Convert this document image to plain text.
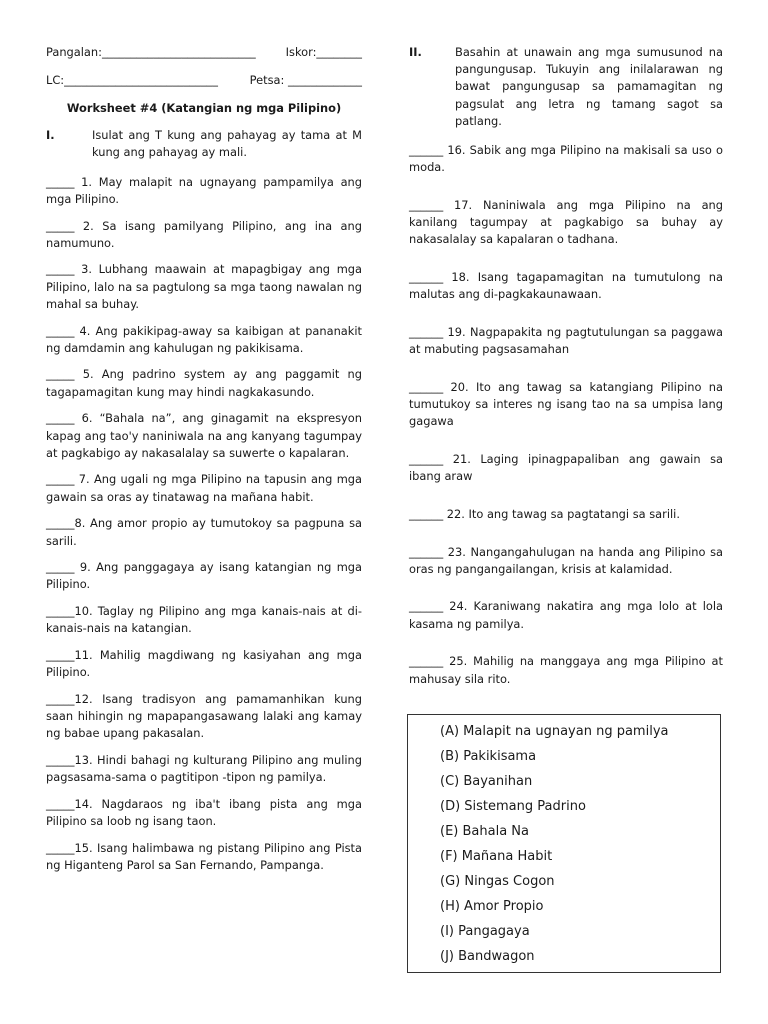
Pangalan:___________________________	Iskor:________
LC:___________________________	Petsa: _____________
Worksheet #4 (Katangian ng mga Pilipino)
I.	Isulat ang T kung ang pahayag ay tama at M kung ang pahayag ay mali.
_____ 1. May malapit na ugnayang pampamilya ang mga Pilipino.
_____ 2. Sa isang pamilyang Pilipino, ang ina ang namumuno.
_____ 3. Lubhang maawain at mapagbigay ang mga Pilipino, lalo na sa pagtulong sa mga taong nawalan ng mahal sa buhay.
_____ 4. Ang pakikipag-away sa kaibigan at pananakit ng damdamin ang kahulugan ng pakikisama.
_____ 5. Ang padrino system ay ang paggamit ng tagapamagitan kung may hindi nagkakasundo.
_____ 6. “Bahala na”, ang ginagamit na ekspresyon kapag ang tao'y naniniwala na ang kanyang tagumpay at pagkabigo ay nakasalalay sa suwerte o kapalaran.
_____ 7. Ang ugali ng mga Pilipino na tapusin ang mga gawain sa oras ay tinatawag na mañana habit.
_____8. Ang amor propio ay tumutokoy sa pagpuna sa sarili.
_____ 9. Ang panggagaya ay isang katangian ng mga Pilipino.
_____10. Taglay ng Pilipino ang mga kanais-nais at di-kanais-nais na katangian.
_____11. Mahilig magdiwang ng kasiyahan ang mga Pilipino.
_____12. Isang tradisyon ang pamamanhikan kung saan hihingin ng mapapangasawang lalaki ang kamay ng babae upang pakasalan.
_____13. Hindi bahagi ng kulturang Pilipino ang muling pagsasama-sama o pagtitipon -tipon ng pamilya.
_____14. Nagdaraos ng iba't ibang pista ang mga Pilipino sa loob ng isang taon.
_____15. Isang halimbawa ng pistang Pilipino ang Pista ng Higanteng Parol sa San Fernando, Pampanga.
II.	Basahin at unawain ang mga sumusunod na pangungusap. Tukuyin ang inilalarawan ng bawat pangungusap sa pamamagitan ng pagsulat ang letra ng tamang sagot sa patlang.
______ 16. Sabik ang mga Pilipino na makisali sa uso o moda.
______ 17. Naniniwala ang mga Pilipino na ang kanilang tagumpay at pagkabigo sa buhay ay nakasalalay sa kapalaran o tadhana.
______ 18. Isang tagapamagitan na tumutulong na malutas ang di-pagkakaunawaan.
______ 19. Nagpapakita ng pagtutulungan sa paggawa at mabuting pagsasamahan
______ 20. Ito ang tawag sa katangiang Pilipino na tumutukoy sa interes ng isang tao na sa umpisa lang gagawa
______ 21. Laging ipinagpapaliban ang gawain sa ibang araw
______ 22. Ito ang tawag sa pagtatangi sa sarili.
______ 23. Nangangahulugan na handa ang Pilipino sa oras ng pangangailangan, krisis at kalamidad.
______ 24. Karaniwang nakatira ang mga lolo at lola kasama ng pamilya.
______ 25. Mahilig na manggaya ang mga Pilipino at mahusay sila rito.
(A) Malapit na ugnayan ng pamilya
(B) Pakikisama
(C) Bayanihan
(D) Sistemang Padrino
(E) Bahala Na
(F) Mañana Habit
(G) Ningas Cogon
(H) Amor Propio
(I) Pangagaya
(J) Bandwagon
